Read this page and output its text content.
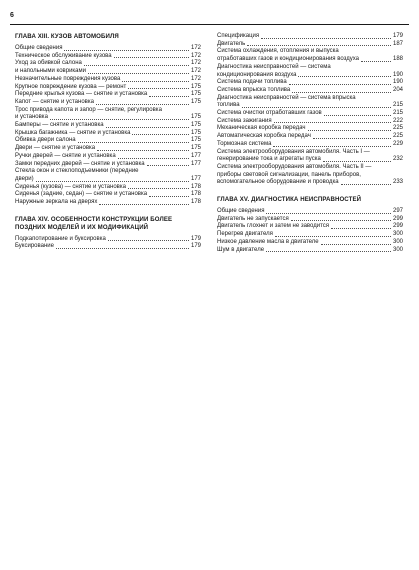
6
ГЛАВА XIII. КУЗОВ АВТОМОБИЛЯ
Общие сведения	172
Техническое обслуживание кузова	172
Уход за обивкой салона	172
и напольными ковриками	172
Незначительные повреждения кузова	172
Крупное повреждение кузова — ремонт	175
Передние крылья кузова — снятие и установка	175
Капот — снятие и установка	175
Трос привода капота и запор — снятие, регулировка
и установка	175
Бамперы — снятие и установка	175
Крышка багажника — снятие и установка	175
Обивка двери салона	175
Двери — снятие и установка	175
Ручки дверей — снятие и установка	177
Замки передних дверей — снятие и установка	177
Стекла окон и стеклоподъемники (передние
двери)	177
Сиденья (кузова) — снятие и установка	178
Сиденья (задние, седан) — снятие и установка	178
Наружные зеркала на дверях	178
ГЛАВА XIV. ОСОБЕННОСТИ КОНСТРУКЦИИ БОЛЕЕ ПОЗДНИХ МОДЕЛЕЙ И ИХ МОДИФИКАЦИЙ
Подкапотирование и буксировка	179
Буксирование	179
Спецификация	179
Двигатель	187
Система охлаждения, отопления и выпуска
отработавших газов и кондиционирования воздуха	188
Диагностика неисправностей — система
кондиционирования воздуха	190
Система подачи топлива	190
Система впрыска топлива	204
Диагностика неисправностей — система впрыска
топлива	215
Система очистки отработавших газов	215
Система зажигания	222
Механическая коробка передач	225
Автоматическая коробка передач	225
Тормозная система	229
Система электрооборудования автомобиля. Часть I —
генерирование тока и агрегаты пуска	232
Система электрооборудования автомобиля. Часть II —
приборы световой сигнализации, панель приборов,
вспомогательное оборудование и проводка	233
ГЛАВА XV. ДИАГНОСТИКА НЕИСПРАВНОСТЕЙ
Общие сведения	297
Двигатель не запускается	299
Двигатель глохнет и затем не заводится	299
Перегрев двигателя	300
Низкое давление масла в двигателе	300
Шум в двигателе	300
